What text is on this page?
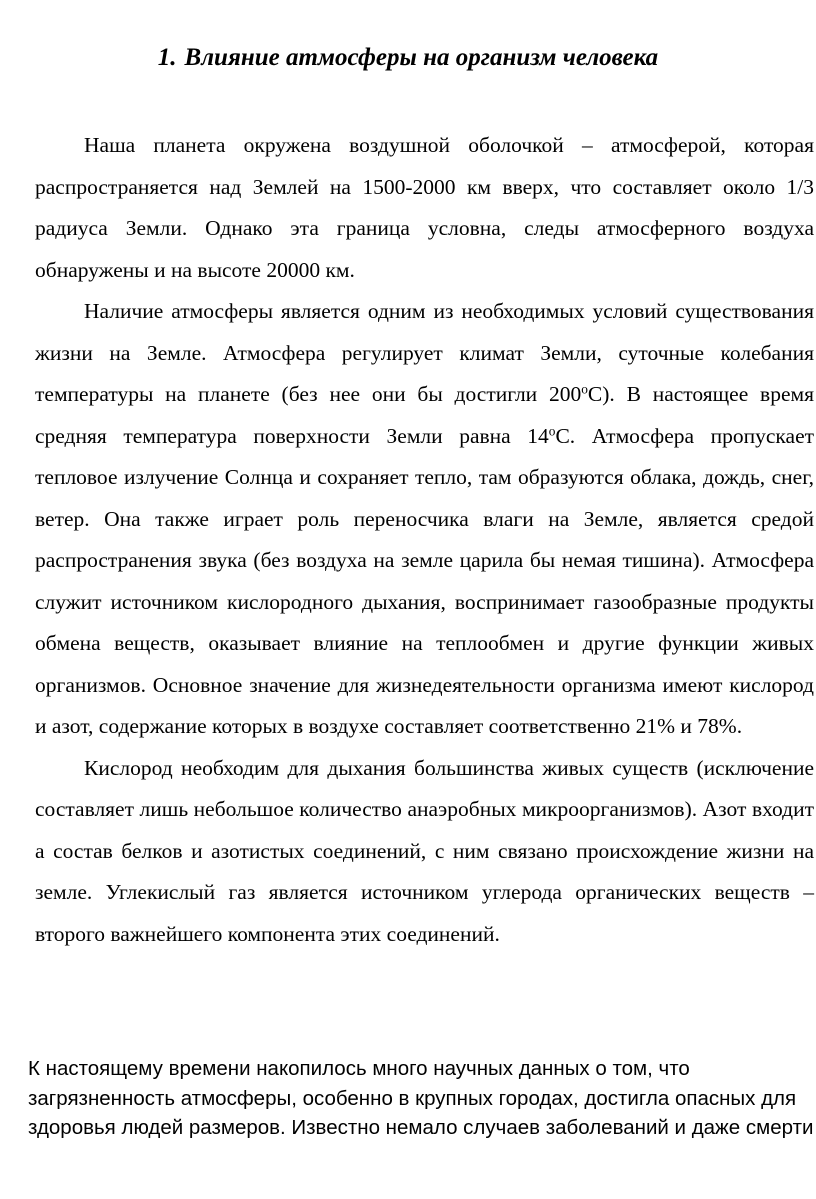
1. Влияние атмосферы на организм человека

Наша планета окружена воздушной оболочкой – атмосферой, которая распространяется над Землей на 1500-2000 км вверх, что составляет около 1/3 радиуса Земли. Однако эта граница условна, следы атмосферного воздуха обнаружены и на высоте 20000 км.

Наличие атмосферы является одним из необходимых условий существования жизни на Земле. Атмосфера регулирует климат Земли, суточные колебания температуры на планете (без нее они бы достигли $200^оС$). В настоящее время средняя температура поверхности Земли равна $14^оС$. Атмосфера пропускает тепловое излучение Солнца и сохраняет тепло, там образуются облака, дождь, снег, ветер. Она также играет роль переносчика влаги на Земле, является средой распространения звука (без воздуха на земле царила бы немая тишина). Атмосфера служит источником кислородного дыхания, воспринимает газообразные продукты обмена веществ, оказывает влияние на теплообмен и другие функции живых организмов. Основное значение для жизнедеятельности организма имеют кислород и азот, содержание которых в воздухе составляет соответственно 21% и 78%.

Кислород необходим для дыхания большинства живых существ (исключение составляет лишь небольшое количество анаэробных микроорганизмов). Азот входит а состав белков и азотистых соединений, с ним связано происхождение жизни на земле. Углекислый газ является источником углерода органических веществ – второго важнейшего компонента этих соединений.

К настоящему времени накопилось много научных данных о том, что загрязненность атмосферы, особенно в крупных городах, достигла опасных для здоровья людей размеров. Известно немало случаев заболеваний и даже смерти
